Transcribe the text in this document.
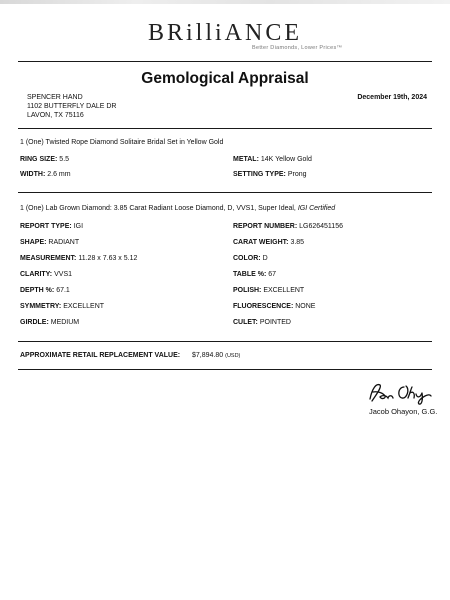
BRilliANCE
Better Diamonds, Lower Prices™
Gemological Appraisal
SPENCER HAND
1102 BUTTERFLY DALE DR
LAVON, TX 75116
December 19th, 2024
1 (One) Twisted Rope Diamond Solitaire Bridal Set in Yellow Gold
RING SIZE: 5.5	METAL: 14K Yellow Gold
WIDTH: 2.6 mm	SETTING TYPE: Prong
1 (One) Lab Grown Diamond: 3.85 Carat Radiant Loose Diamond, D, VVS1, Super Ideal, IGI Certified
REPORT TYPE: IGI
SHAPE: RADIANT
MEASUREMENT: 11.28 x 7.63 x 5.12
CLARITY: VVS1
DEPTH %: 67.1
SYMMETRY: EXCELLENT
GIRDLE: MEDIUM
REPORT NUMBER: LG626451156
CARAT WEIGHT: 3.85
COLOR: D
TABLE %: 67
POLISH: EXCELLENT
FLUORESCENCE: NONE
CULET: POINTED
APPROXIMATE RETAIL REPLACEMENT VALUE: $7,894.80 (USD)
Jacob Ohayon, G.G.
